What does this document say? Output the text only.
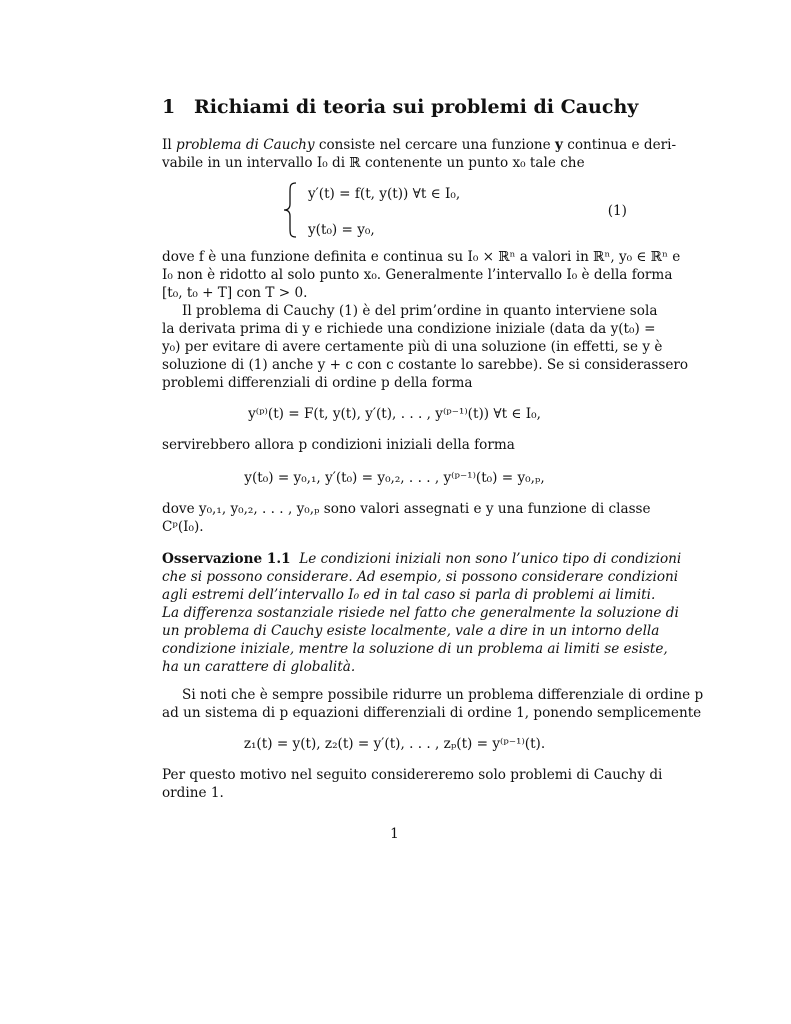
1 Richiami di teoria sui problemi di Cauchy
Il problema di Cauchy consiste nel cercare una funzione y continua e deri-
vabile in un intervallo I₀ di ℝ contenente un punto x₀ tale che
y′(t) = f(t, y(t)) ∀t ∈ I₀,
y(t₀) = y₀,
(1)
dove f è una funzione definita e continua su I₀ × ℝⁿ a valori in ℝⁿ, y₀ ∈ ℝⁿ e
I₀ non è ridotto al solo punto x₀. Generalmente l’intervallo I₀ è della forma
[t₀, t₀ + T] con T > 0.
Il problema di Cauchy (1) è del prim’ordine in quanto interviene sola
la derivata prima di y e richiede una condizione iniziale (data da y(t₀) =
y₀) per evitare di avere certamente più di una soluzione (in effetti, se y è
soluzione di (1) anche y + c con c costante lo sarebbe). Se si considerassero
problemi differenziali di ordine p della forma
y⁽ᵖ⁾(t) = F(t, y(t), y′(t), . . . , y⁽ᵖ⁻¹⁾(t)) ∀t ∈ I₀,
servirebbero allora p condizioni iniziali della forma
y(t₀) = y₀,₁, y′(t₀) = y₀,₂, . . . , y⁽ᵖ⁻¹⁾(t₀) = y₀,ₚ,
dove y₀,₁, y₀,₂, . . . , y₀,ₚ sono valori assegnati e y una funzione di classe
Cᵖ(I₀).
Osservazione 1.1 Le condizioni iniziali non sono l’unico tipo di condizioni
che si possono considerare. Ad esempio, si possono considerare condizioni
agli estremi dell’intervallo I₀ ed in tal caso si parla di problemi ai limiti.
La differenza sostanziale risiede nel fatto che generalmente la soluzione di
un problema di Cauchy esiste localmente, vale a dire in un intorno della
condizione iniziale, mentre la soluzione di un problema ai limiti se esiste,
ha un carattere di globalità.
Si noti che è sempre possibile ridurre un problema differenziale di ordine p
ad un sistema di p equazioni differenziali di ordine 1, ponendo semplicemente
z₁(t) = y(t), z₂(t) = y′(t), . . . , zₚ(t) = y⁽ᵖ⁻¹⁾(t).
Per questo motivo nel seguito considereremo solo problemi di Cauchy di
ordine 1.
1
